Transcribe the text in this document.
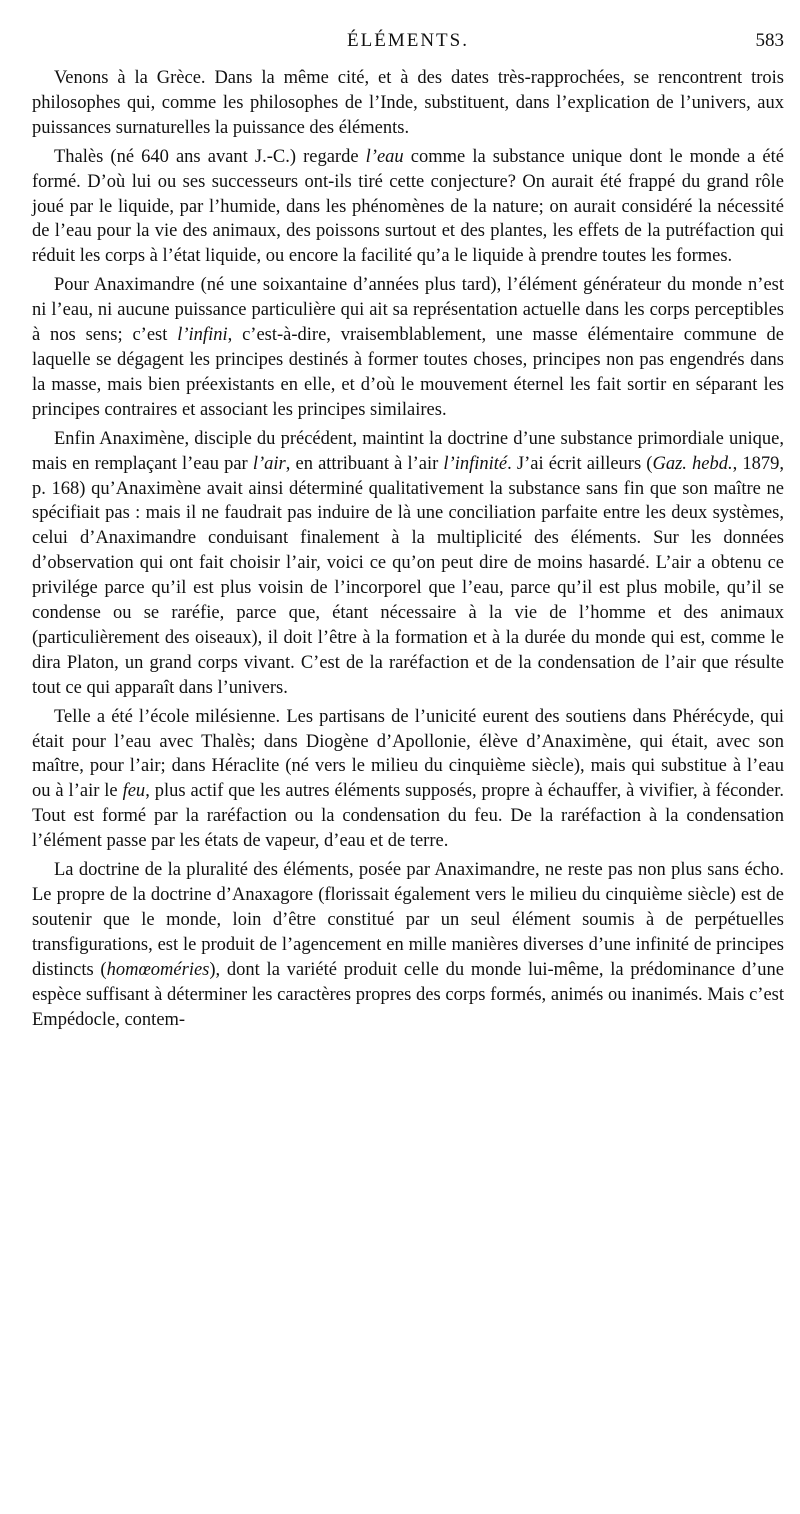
ÉLÉMENTS.	583

Venons à la Grèce. Dans la même cité, et à des dates très-rapprochées, se rencontrent trois philosophes qui, comme les philosophes de l’Inde, substituent, dans l’explication de l’univers, aux puissances surnaturelles la puissance des éléments.

Thalès (né 640 ans avant J.-C.) regarde l’eau comme la substance unique dont le monde a été formé. D’où lui ou ses successeurs ont-ils tiré cette conjecture? On aurait été frappé du grand rôle joué par le liquide, par l’humide, dans les phénomènes de la nature; on aurait considéré la nécessité de l’eau pour la vie des animaux, des poissons surtout et des plantes, les effets de la putréfaction qui réduit les corps à l’état liquide, ou encore la facilité qu’a le liquide à prendre toutes les formes.

Pour Anaximandre (né une soixantaine d’années plus tard), l’élément générateur du monde n’est ni l’eau, ni aucune puissance particulière qui ait sa représentation actuelle dans les corps perceptibles à nos sens; c’est l’infini, c’est-à-dire, vraisemblablement, une masse élémentaire commune de laquelle se dégagent les principes destinés à former toutes choses, principes non pas engendrés dans la masse, mais bien préexistants en elle, et d’où le mouvement éternel les fait sortir en séparant les principes contraires et associant les principes similaires.

Enfin Anaximène, disciple du précédent, maintint la doctrine d’une substance primordiale unique, mais en remplaçant l’eau par l’air, en attribuant à l’air l’infinité. J’ai écrit ailleurs (Gaz. hebd., 1879, p. 168) qu’Anaximène avait ainsi déterminé qualitativement la substance sans fin que son maître ne spécifiait pas : mais il ne faudrait pas induire de là une conciliation parfaite entre les deux systèmes, celui d’Anaximandre conduisant finalement à la multiplicité des éléments. Sur les données d’observation qui ont fait choisir l’air, voici ce qu’on peut dire de moins hasardé. L’air a obtenu ce privilége parce qu’il est plus voisin de l’incorporel que l’eau, parce qu’il est plus mobile, qu’il se condense ou se raréfie, parce que, étant nécessaire à la vie de l’homme et des animaux (particulièrement des oiseaux), il doit l’être à la formation et à la durée du monde qui est, comme le dira Platon, un grand corps vivant. C’est de la raréfaction et de la condensation de l’air que résulte tout ce qui apparaît dans l’univers.

Telle a été l’école milésienne. Les partisans de l’unicité eurent des soutiens dans Phérécyde, qui était pour l’eau avec Thalès; dans Diogène d’Apollonie, élève d’Anaximène, qui était, avec son maître, pour l’air; dans Héraclite (né vers le milieu du cinquième siècle), mais qui substitue à l’eau ou à l’air le feu, plus actif que les autres éléments supposés, propre à échauffer, à vivifier, à féconder. Tout est formé par la raréfaction ou la condensation du feu. De la raréfaction à la condensation l’élément passe par les états de vapeur, d’eau et de terre.

La doctrine de la pluralité des éléments, posée par Anaximandre, ne reste pas non plus sans écho. Le propre de la doctrine d’Anaxagore (florissait également vers le milieu du cinquième siècle) est de soutenir que le monde, loin d’être constitué par un seul élément soumis à de perpétuelles transfigurations, est le produit de l’agencement en mille manières diverses d’une infinité de principes distincts (homœoméries), dont la variété produit celle du monde lui-même, la prédominance d’une espèce suffisant à déterminer les caractères propres des corps formés, animés ou inanimés. Mais c’est Empédocle, contem-
